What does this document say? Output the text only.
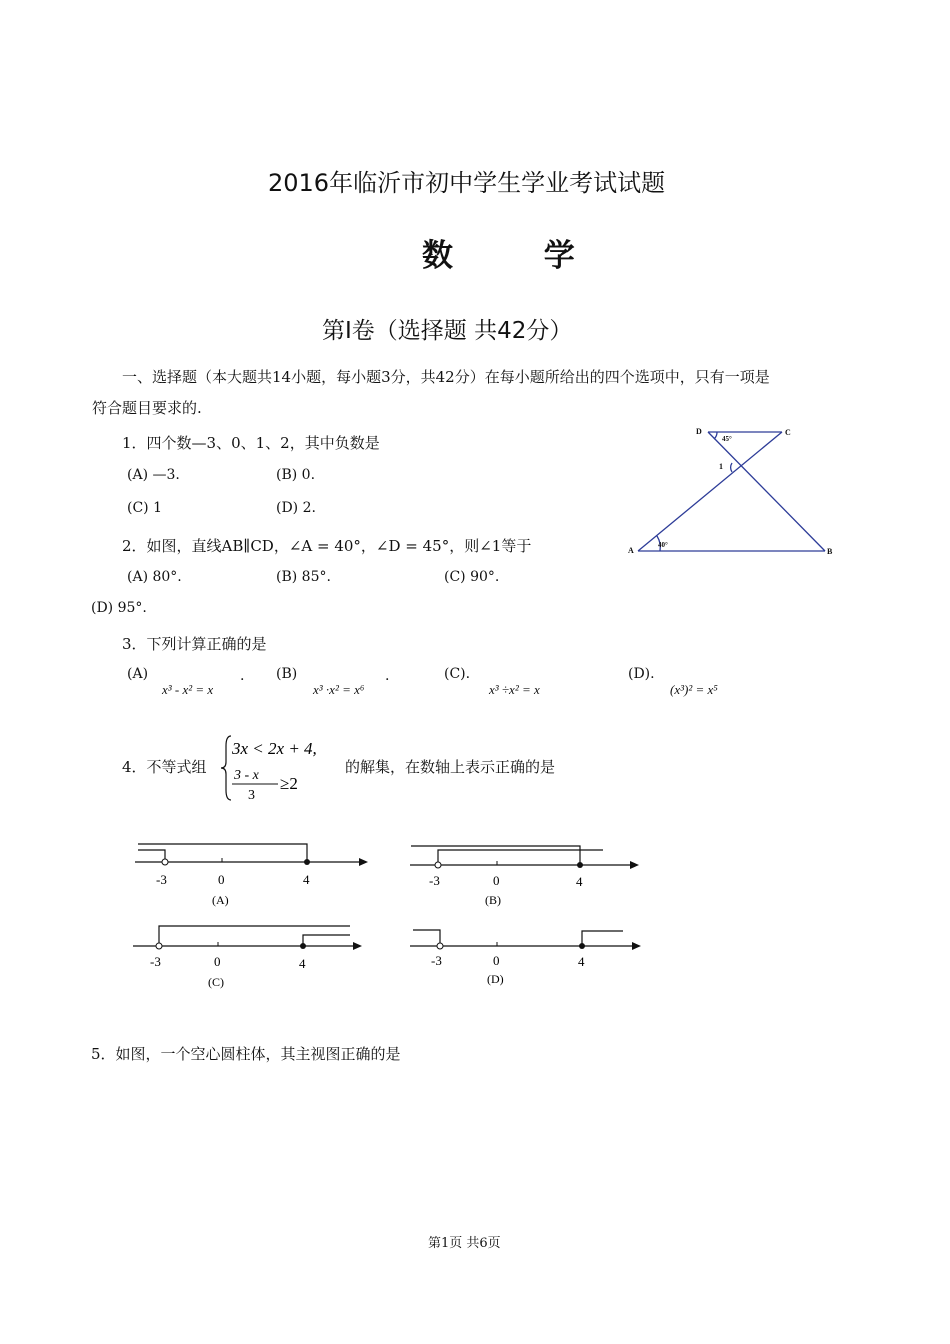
2016年临沂市初中学生学业考试试题
数 学
第Ⅰ卷（选择题 共42分）
一、选择题（本大题共14小题，每小题3分，共42分）在每小题所给出的四个选项中，只有一项是
符合题目要求的.
1．四个数—3、0、1、2，其中负数是
(A) —3.	(B) 0.
(C) 1	(D) 2.
D	C
A	B
45°
40°
1
2．如图，直线AB∥CD，∠A = 40°，∠D = 45°，则∠1等于
(A) 80°.	(B) 85°.	(C) 90°.
(D) 95°.
3．下列计算正确的是
(A)
x³ - x² = x
. (B)
x³ ·x² = x⁶
.	(C).
x³ ÷x² = x
(D).
(x³)² = x⁵
4．不等式组
3x < 2x + 4,
3 - x
3
≥2
的解集，在数轴上表示正确的是
-3	0	4
(A)
-3	0	4
(B)
-3	0	4
(C)
-3	0	4
(D)
5．如图，一个空心圆柱体，其主视图正确的是
第1页 共6页
